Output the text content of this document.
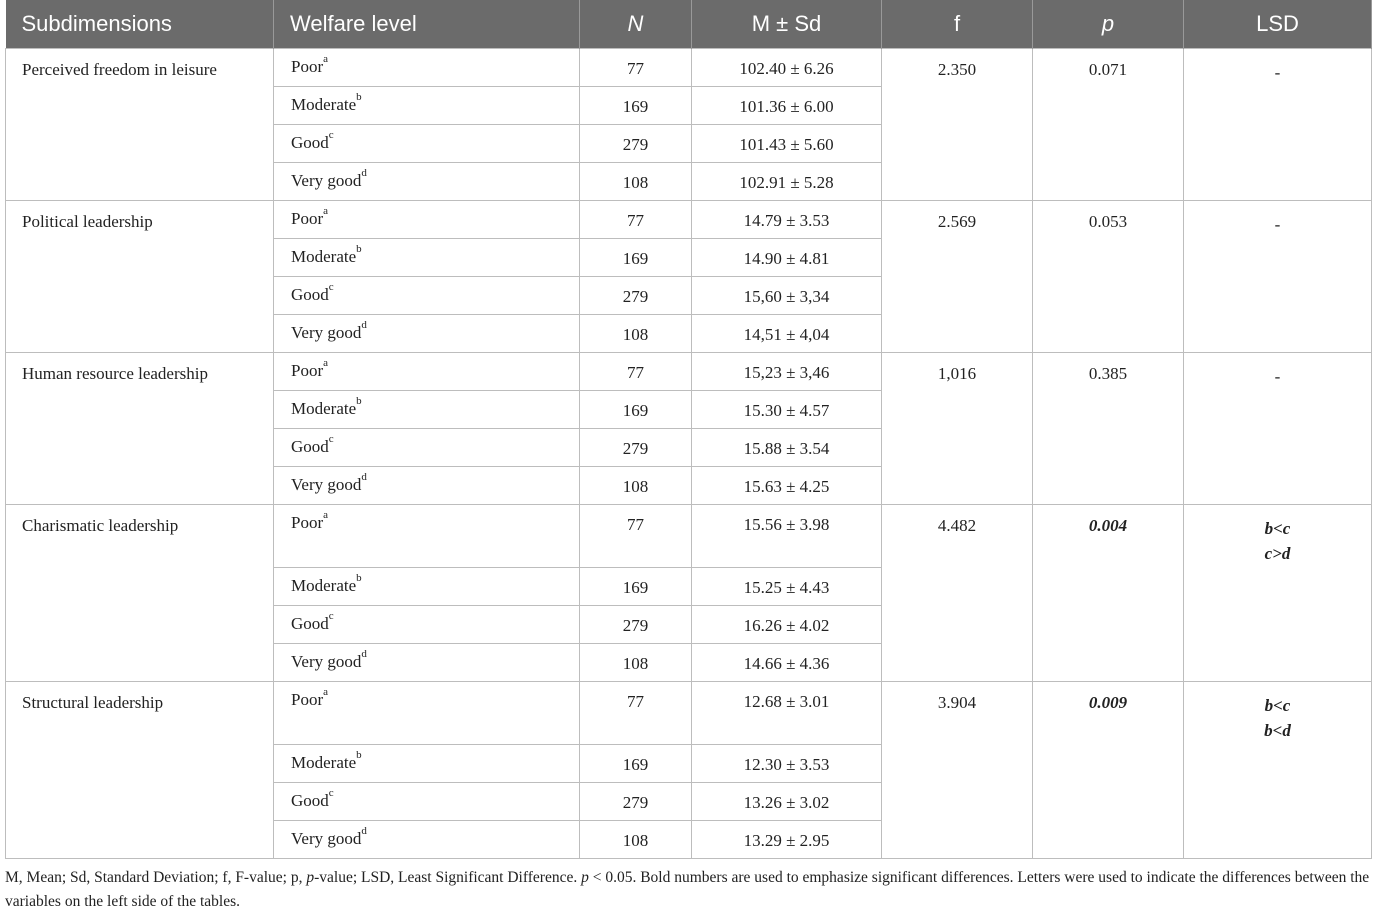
Subdimensions	Welfare level	N	M ± Sd	f	p	LSD
Perceived freedom in leisure	Poor$^a$	77	102.40 ± 6.26	2.350	0.071	-

	Moderate$^b$	169	101.36 ± 6.00			
	Good$^c$	279	101.43 ± 5.60			
	Very good$^d$	108	102.91 ± 5.28			
Political leadership	Poor$^a$	77	14.79 ± 3.53	2.569	0.053	-

	Moderate$^b$	169	14.90 ± 4.81			
	Good$^c$	279	15,60 ± 3,34			
	Very good$^d$	108	14,51 ± 4,04			
Human resource leadership	Poor$^a$	77	15,23 ± 3,46	1,016	0.385	-

	Moderate$^b$	169	15.30 ± 4.57			
	Good$^c$	279	15.88 ± 3.54			
	Very good$^d$	108	15.63 ± 4.25			
Charismatic leadership	Poor$^a$	77	15.56 ± 3.98	4.482	0.004	b<c
c>d

	Moderate$^b$	169	15.25 ± 4.43			
	Good$^c$	279	16.26 ± 4.02			
	Very good$^d$	108	14.66 ± 4.36			
Structural leadership	Poor$^a$	77	12.68 ± 3.01	3.904	0.009	b<c
b<d

	Moderate$^b$	169	12.30 ± 3.53			
	Good$^c$	279	13.26 ± 3.02			
	Very good$^d$	108	13.29 ± 2.95			
M, Mean; Sd, Standard Deviation; f, F-value; p, p-value; LSD, Least Significant Difference. p < 0.05. Bold numbers are used to emphasize significant differences. Letters were used to indicate the differences between the variables on the left side of the tables.
